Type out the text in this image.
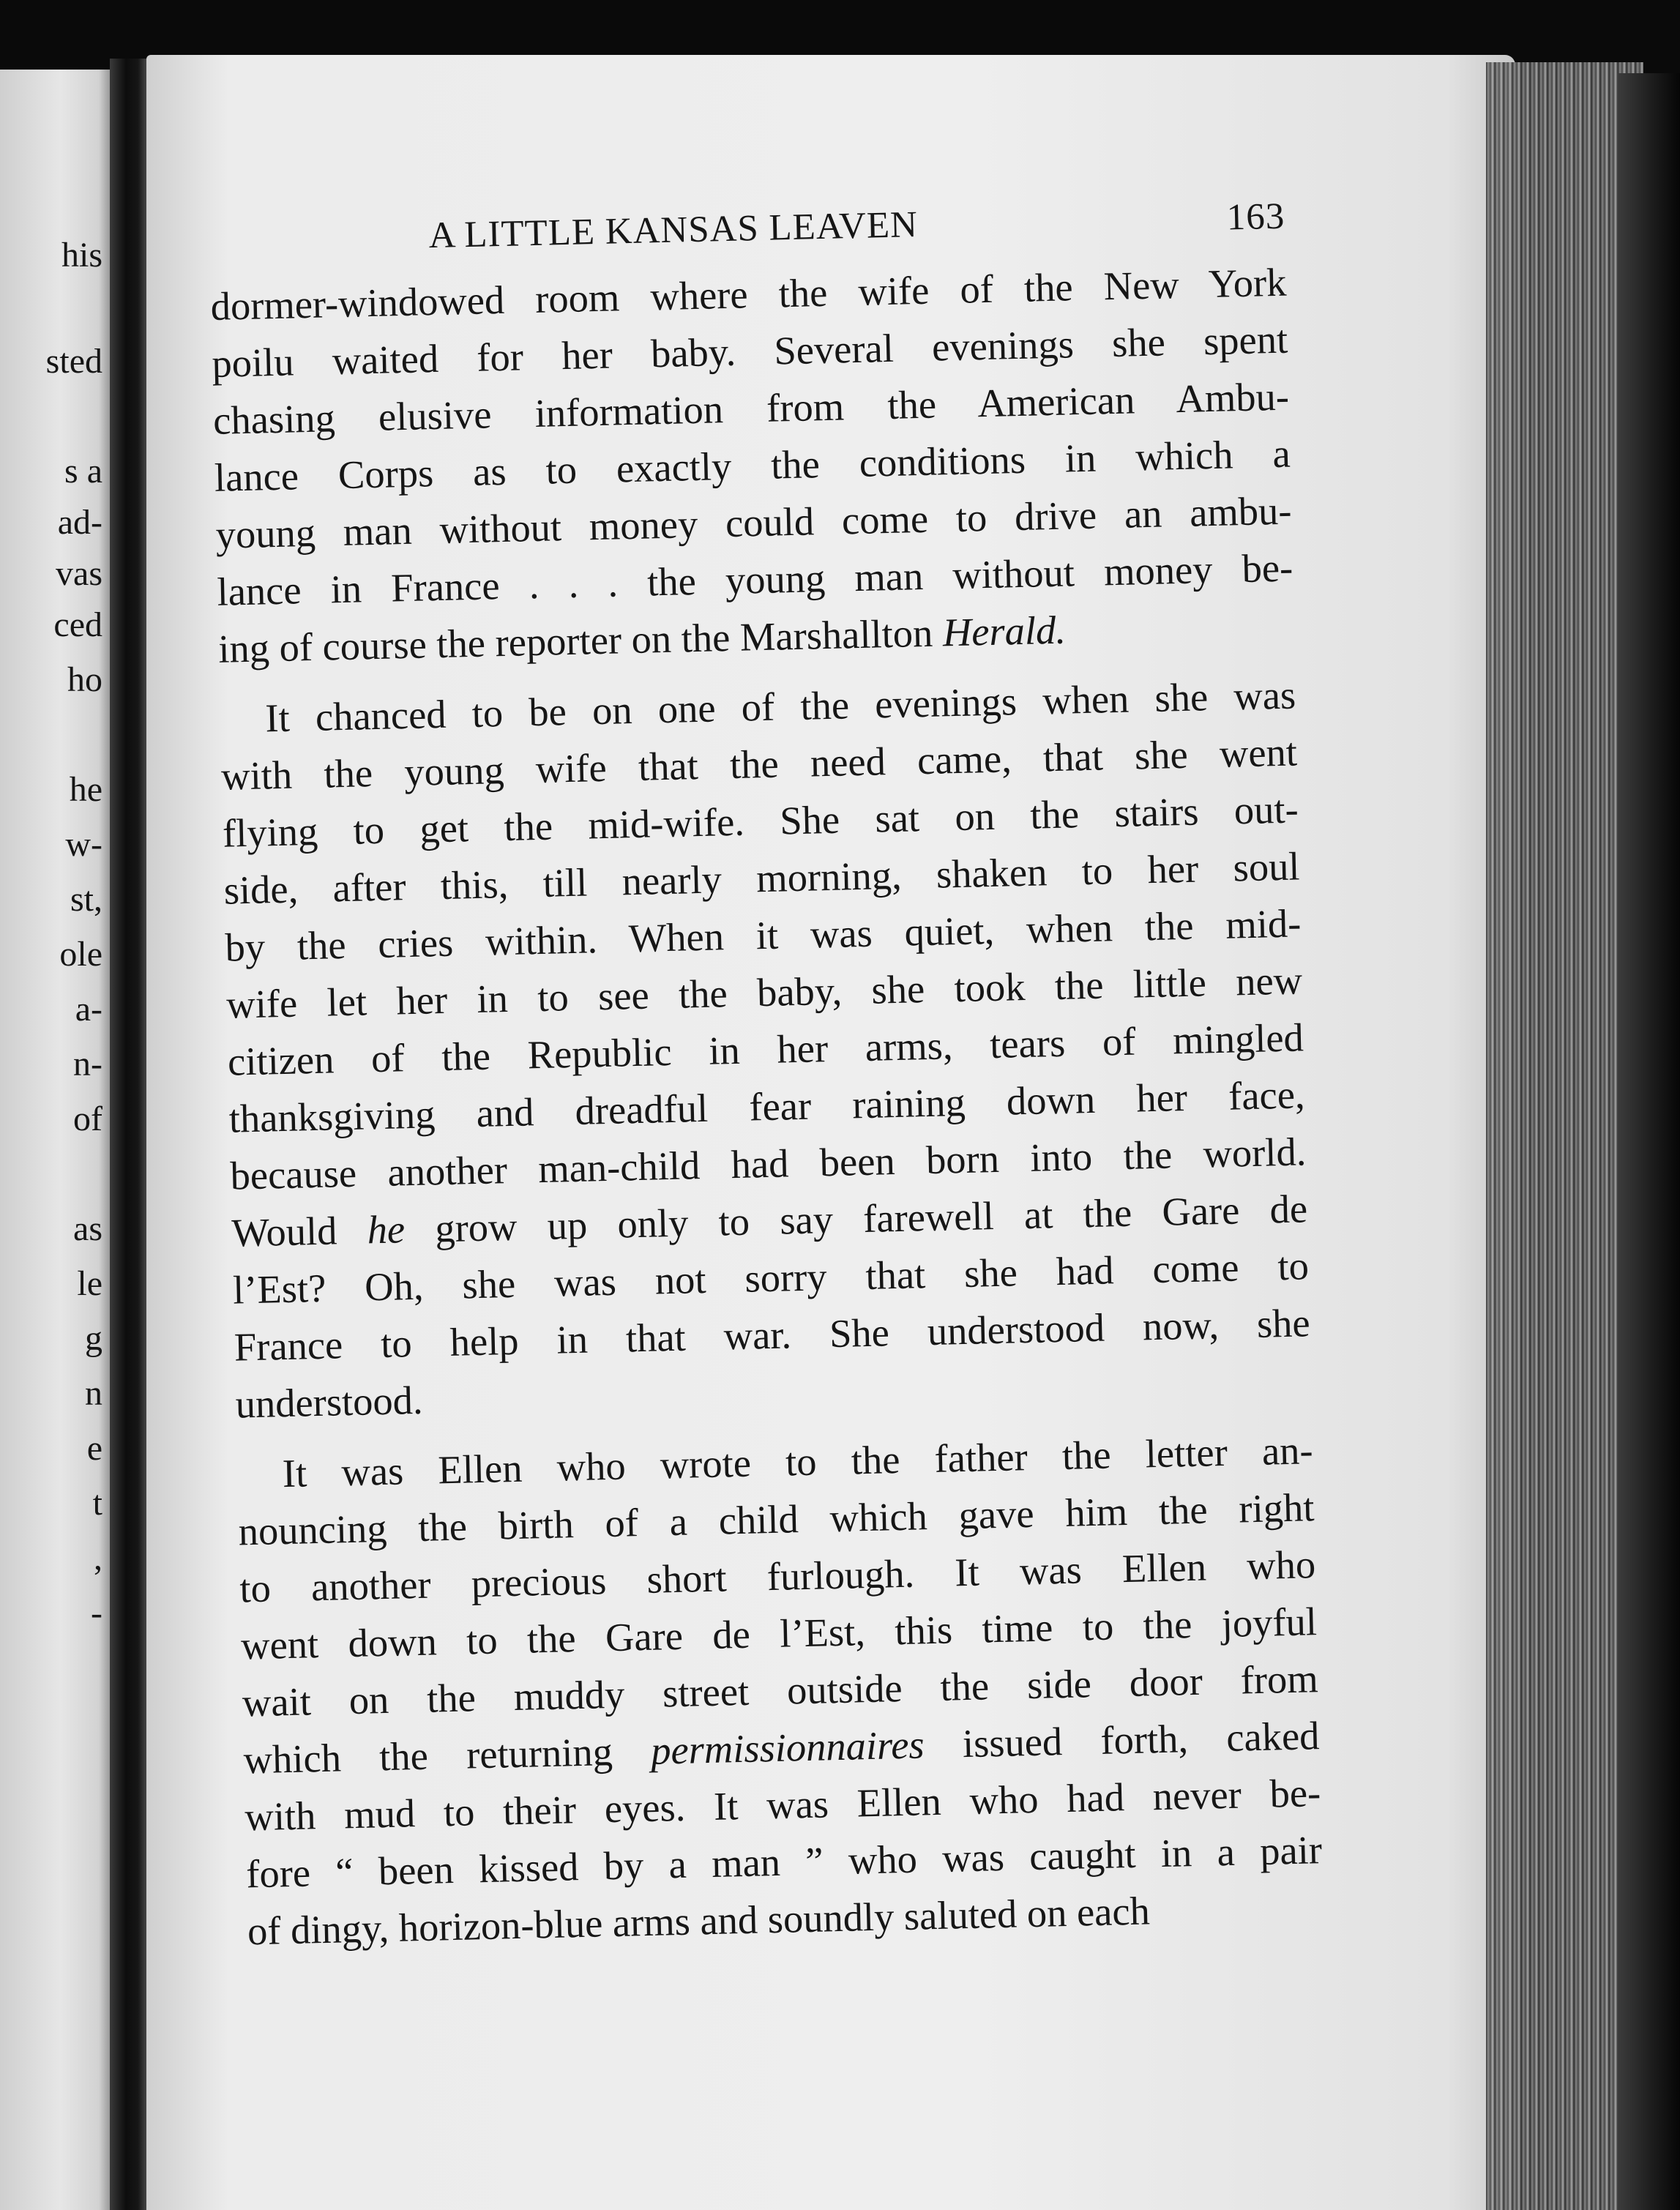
his
sted
s a
ad-
vas
ced
ho
he
w-
st,
ole
a-
n-
of
as
le
g
n
e
t
,
-
A LITTLE KANSAS LEAVEN	163
dormer-windowed room where the wife of the New York
poilu waited for her baby. Several evenings she spent
chasing elusive information from the American Ambu-
lance Corps as to exactly the conditions in which a
young man without money could come to drive an ambu-
lance in France . . . the young man without money be-
ing of course the reporter on the Marshallton Herald.
It chanced to be on one of the evenings when she was
with the young wife that the need came, that she went
flying to get the mid-wife. She sat on the stairs out-
side, after this, till nearly morning, shaken to her soul
by the cries within. When it was quiet, when the mid-
wife let her in to see the baby, she took the little new
citizen of the Republic in her arms, tears of mingled
thanksgiving and dreadful fear raining down her face,
because another man-child had been born into the world.
Would he grow up only to say farewell at the Gare de
l’Est? Oh, she was not sorry that she had come to
France to help in that war. She understood now, she
understood.
It was Ellen who wrote to the father the letter an-
nouncing the birth of a child which gave him the right
to another precious short furlough. It was Ellen who
went down to the Gare de l’Est, this time to the joyful
wait on the muddy street outside the side door from
which the returning permissionnaires issued forth, caked
with mud to their eyes. It was Ellen who had never be-
fore “ been kissed by a man ” who was caught in a pair
of dingy, horizon-blue arms and soundly saluted on each
